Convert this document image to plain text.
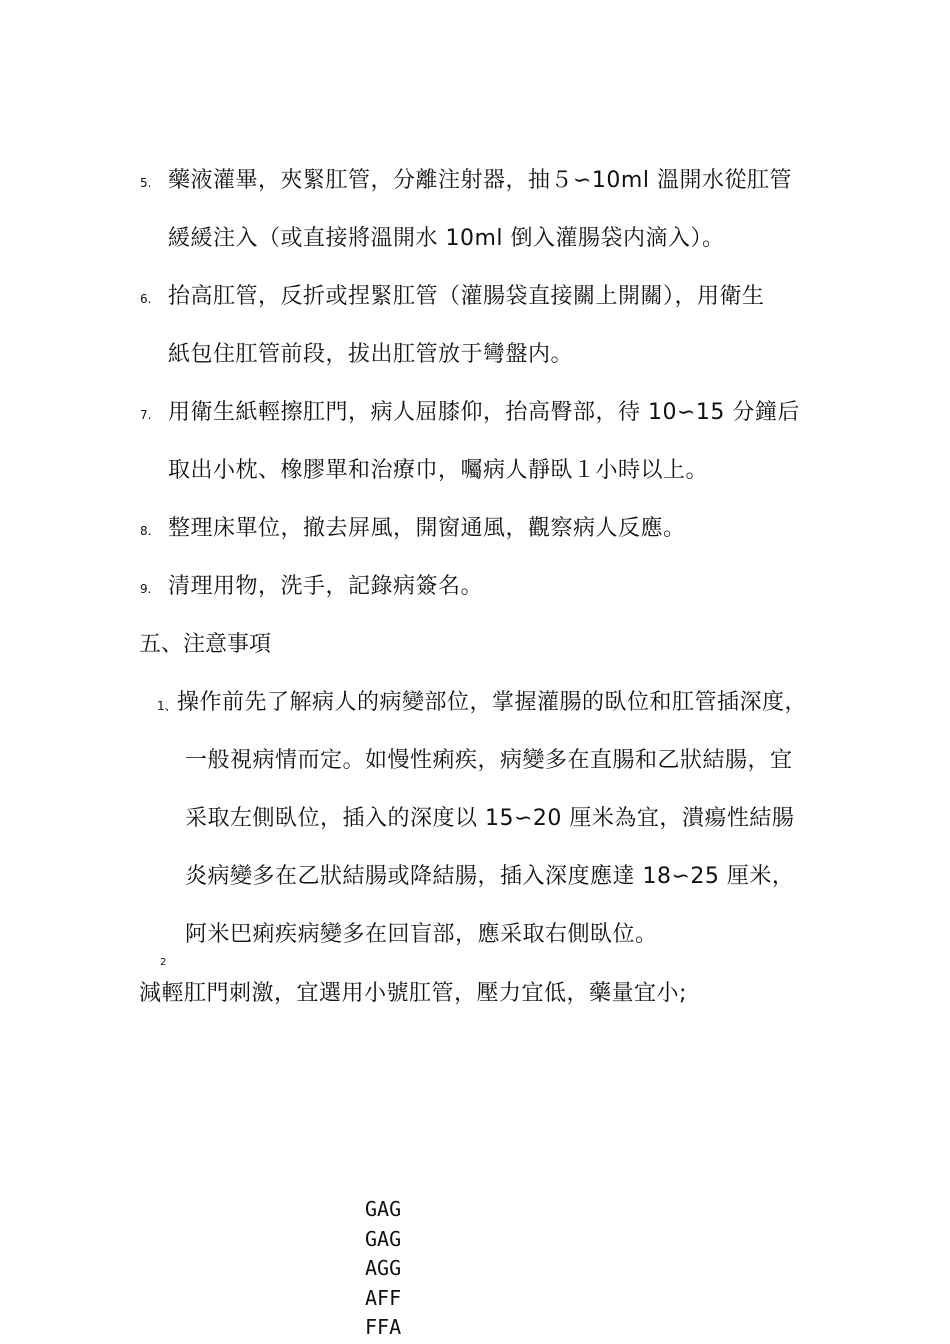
5. 藥液灌畢，夾緊肛管，分離注射器，抽５∽10ml 溫開水從肛管
緩緩注入（或直接將溫開水 10ml 倒入灌腸袋内滴入）。
6. 抬高肛管，反折或捏緊肛管（灌腸袋直接關上開關），用衛生
紙包住肛管前段，拔出肛管放于彎盤内。
7. 用衛生紙輕擦肛門，病人屈膝仰，抬高臀部，待 10∽15 分鐘后
取出小枕、橡膠單和治療巾，囑病人靜臥１小時以上。
8. 整理床單位，撤去屏風，開窗通風，觀察病人反應。
9. 清理用物，洗手，記錄病簽名。
五、注意事項
1、 操作前先了解病人的病變部位，掌握灌腸的臥位和肛管插深度，
一般視病情而定。如慢性痢疾，病變多在直腸和乙狀結腸，宜
采取左側臥位，插入的深度以 15∽20 厘米為宜，潰瘍性結腸
炎病變多在乙狀結腸或降結腸，插入深度應達 18∽25 厘米，
阿米巴痢疾病變多在回盲部，應采取右側臥位。
2
減輕肛門刺激，宜選用小號肛管，壓力宜低，藥量宜小;
GAG
GAG
AGG
AFF
FFA
